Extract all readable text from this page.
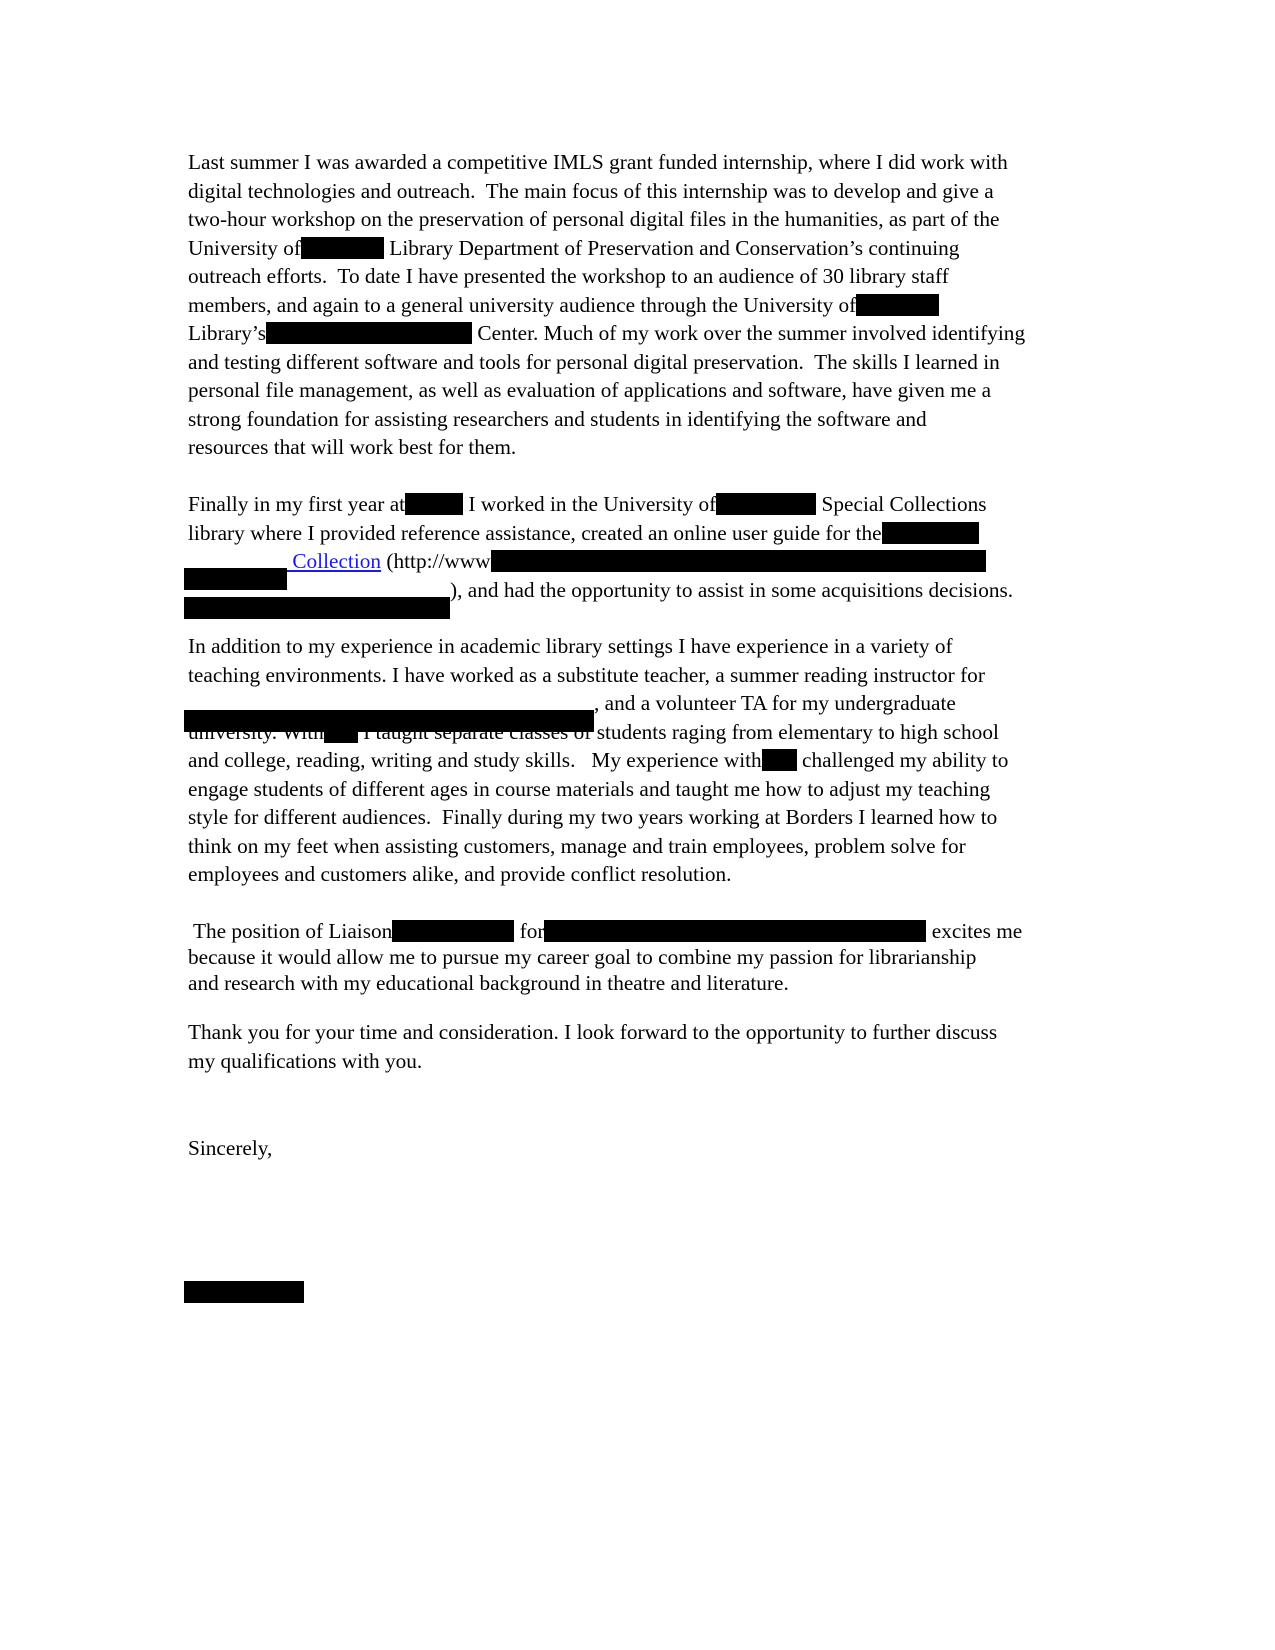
Last summer I was awarded a competitive IMLS grant funded internship, where I did work with
digital technologies and outreach.  The main focus of this internship was to develop and give a
two-hour workshop on the preservation of personal digital files in the humanities, as part of the
University of	Library Department of Preservation and Conservation’s continuing
outreach efforts.  To date I have presented the workshop to an audience of 30 library staff
members, and again to a general university audience through the University of
Library’s	Center. Much of my work over the summer involved identifying
and testing different software and tools for personal digital preservation.  The skills I learned in
personal file management, as well as evaluation of applications and software, have given me a
strong foundation for assisting researchers and students in identifying the software and
resources that will work best for them.
Finally in my first year at	I worked in the University of	Special Collections
library where I provided reference assistance, created an online user guide for the
Collection (http://www
), and had the opportunity to assist in some acquisitions decisions.
In addition to my experience in academic library settings I have experience in a variety of
teaching environments. I have worked as a substitute teacher, a summer reading instructor for
, and a volunteer TA for my undergraduate
university. With I taught separate classes of students raging from elementary to high school
and college, reading, writing and study skills.   My experience with challenged my ability to
engage students of different ages in course materials and taught me how to adjust my teaching
style for different audiences.  Finally during my two years working at Borders I learned how to
think on my feet when assisting customers, manage and train employees, problem solve for
employees and customers alike, and provide conflict resolution.
The position of Liaison	for	excites me
because it would allow me to pursue my career goal to combine my passion for librarianship
and research with my educational background in theatre and literature.
Thank you for your time and consideration. I look forward to the opportunity to further discuss
my qualifications with you.
Sincerely,
